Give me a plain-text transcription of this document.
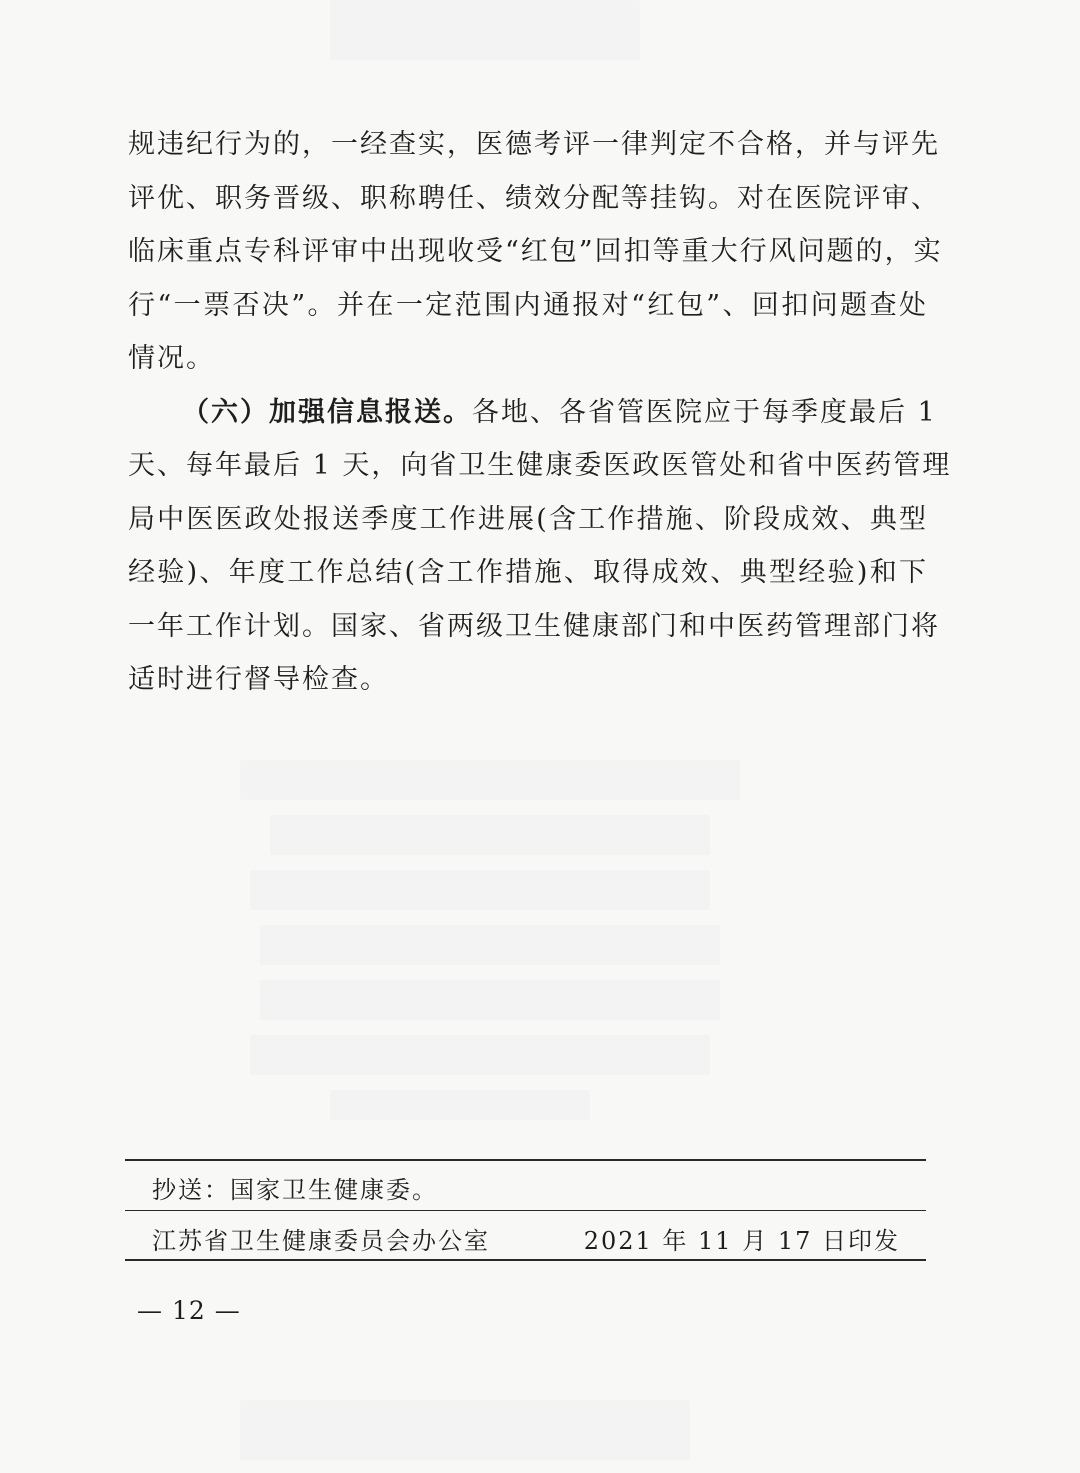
规违纪行为的，一经查实，医德考评一律判定不合格，并与评先
评优、职务晋级、职称聘任、绩效分配等挂钩。对在医院评审、
临床重点专科评审中出现收受“红包”回扣等重大行风问题的，实
行“一票否决”。并在一定范围内通报对“红包”、回扣问题查处
情况。
（六）加强信息报送。各地、各省管医院应于每季度最后 1
天、每年最后 1 天，向省卫生健康委医政医管处和省中医药管理
局中医医政处报送季度工作进展(含工作措施、阶段成效、典型
经验)、年度工作总结(含工作措施、取得成效、典型经验)和下
一年工作计划。国家、省两级卫生健康部门和中医药管理部门将
适时进行督导检查。
抄送：国家卫生健康委。
江苏省卫生健康委员会办公室	2021 年 11 月 17 日印发
— 12 —
